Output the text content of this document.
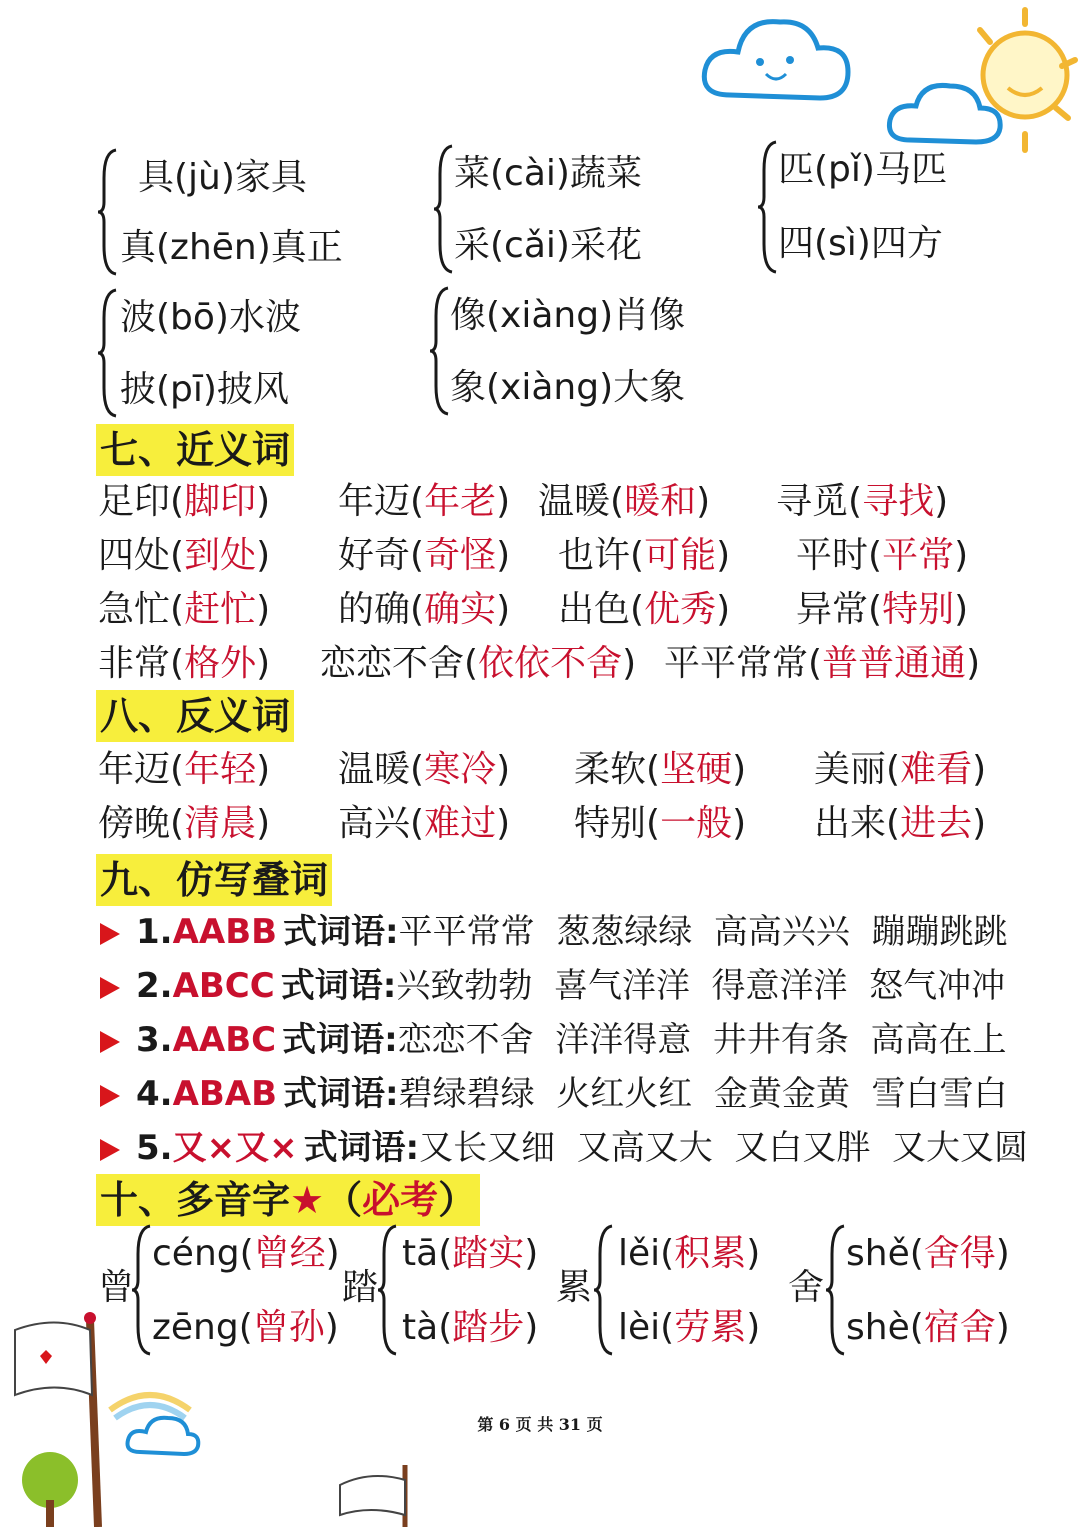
具(jù)家具
真(zhēn)真正
菜(cài)蔬菜
采(cǎi)采花
匹(pǐ)马匹
四(sì)四方
波(bō)水波
披(pī)披风
像(xiàng)肖像
象(xiàng)大象
七、近义词
足印(脚印) 年迈(年老) 温暖(暖和) 寻觅(寻找)
四处(到处) 好奇(奇怪) 也许(可能) 平时(平常)
急忙(赶忙) 的确(确实) 出色(优秀) 异常(特别)
非常(格外) 恋恋不舍(依依不舍) 平平常常(普普通通)
八、反义词
年迈(年轻) 温暖(寒冷) 柔软(坚硬) 美丽(难看)
傍晚(清晨) 高兴(难过) 特别(一般) 出来(进去)
九、仿写叠词
1.AABB 式词语:平平常常  葱葱绿绿  高高兴兴  蹦蹦跳跳
2.ABCC 式词语:兴致勃勃  喜气洋洋  得意洋洋  怒气冲冲
3.AABC 式词语:恋恋不舍  洋洋得意  井井有条  高高在上
4.ABAB 式词语:碧绿碧绿  火红火红  金黄金黄  雪白雪白
5.又×又× 式词语:又长又细  又高又大  又白又胖  又大又圆
十、多音字★（必考）
曾
céng(曾经)
zēng(曾孙)
踏
tā(踏实)
tà(踏步)
累
lěi(积累)
lèi(劳累)
舍
shě(舍得)
shè(宿舍)
第 6 页 共 31 页
